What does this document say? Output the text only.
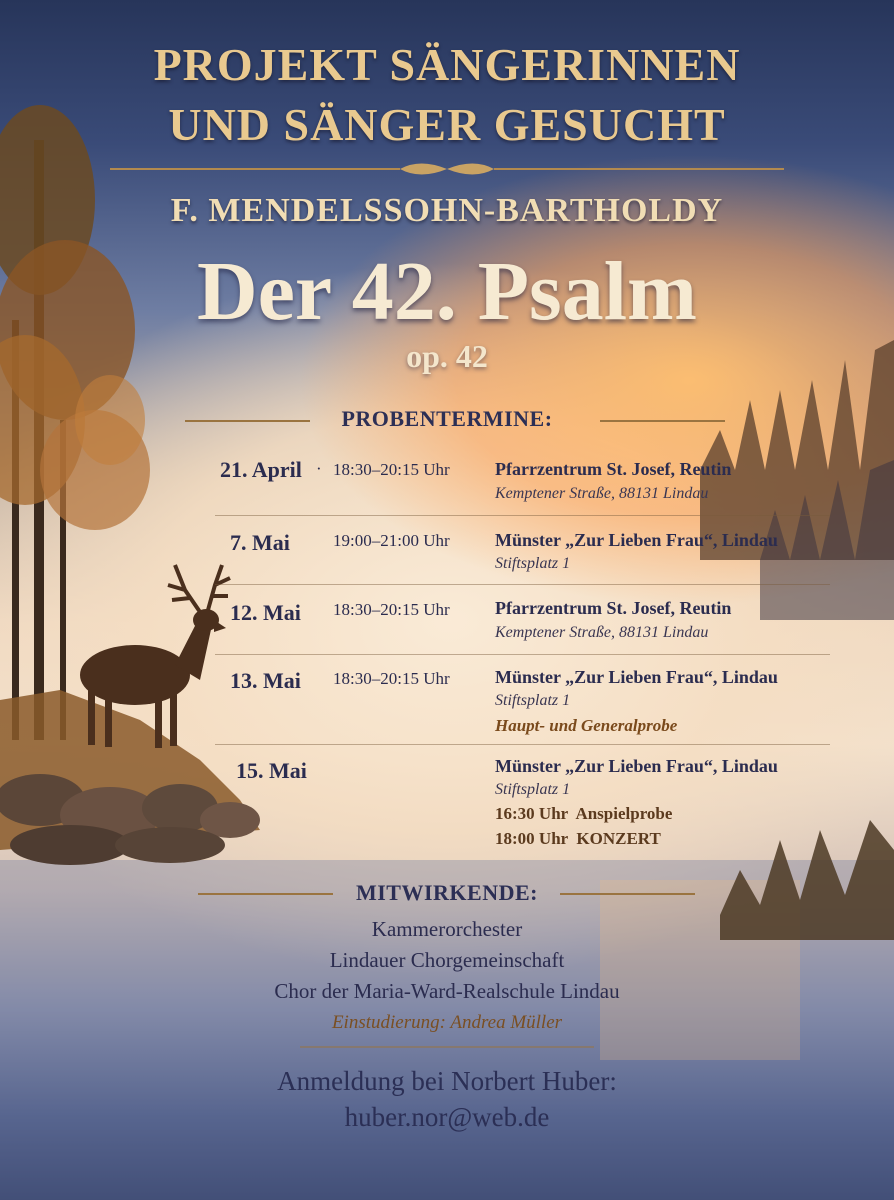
PROJEKT SÄNGERINNEN
UND SÄNGER GESUCHT
F. MENDELSSOHN-BARTHOLDY
Der 42. Psalm
op. 42
PROBENTERMINE:
21. April · 18:30–20:15 Uhr	Pfarrzentrum St. Josef, Reutin
Kemptener Straße, 88131 Lindau
7. Mai	19:00–21:00 Uhr	Münster „Zur Lieben Frau“, Lindau
Stiftsplatz 1
12. Mai 18:30–20:15 Uhr	Pfarrzentrum St. Josef, Reutin
Kemptener Straße, 88131 Lindau
13. Mai 18:30–20:15 Uhr	Münster „Zur Lieben Frau“, Lindau
Stiftsplatz 1
Haupt- und Generalprobe
15. Mai	Münster „Zur Lieben Frau“, Lindau
Stiftsplatz 1
16:30 Uhr  Anspielprobe
18:00 Uhr  KONZERT
MITWIRKENDE:
Kammerorchester
Lindauer Chorgemeinschaft
Chor der Maria-Ward-Realschule Lindau
Einstudierung: Andrea Müller
Anmeldung bei Norbert Huber:
huber.nor@web.de
